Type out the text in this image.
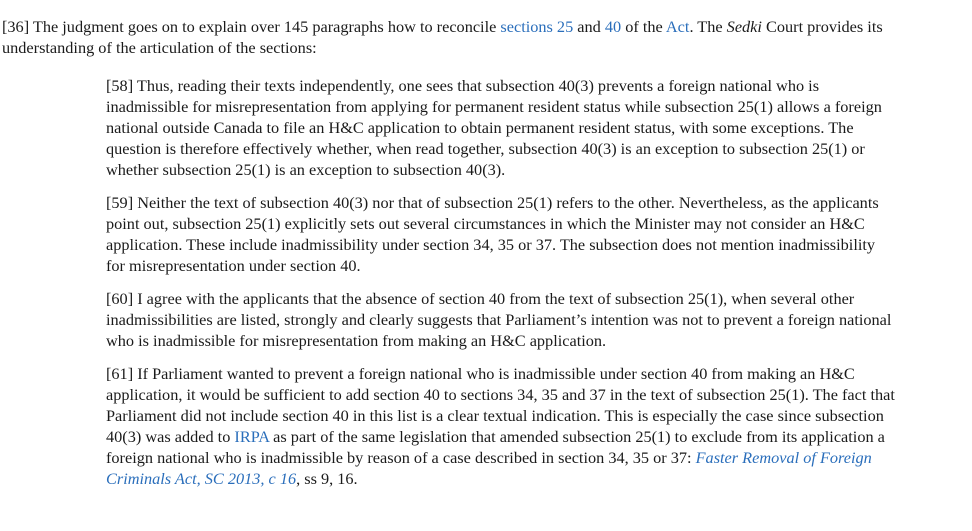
[36] The judgment goes on to explain over 145 paragraphs how to reconcile sections 25 and 40 of the Act. The Sedki Court provides its understanding of the articulation of the sections:

[58] Thus, reading their texts independently, one sees that subsection 40(3) prevents a foreign national who is inadmissible for misrepresentation from applying for permanent resident status while subsection 25(1) allows a foreign national outside Canada to file an H&C application to obtain permanent resident status, with some exceptions. The question is therefore effectively whether, when read together, subsection 40(3) is an exception to subsection 25(1) or whether subsection 25(1) is an exception to subsection 40(3).

[59] Neither the text of subsection 40(3) nor that of subsection 25(1) refers to the other. Nevertheless, as the applicants point out, subsection 25(1) explicitly sets out several circumstances in which the Minister may not consider an H&C application. These include inadmissibility under section 34, 35 or 37. The subsection does not mention inadmissibility for misrepresentation under section 40.

[60] I agree with the applicants that the absence of section 40 from the text of subsection 25(1), when several other inadmissibilities are listed, strongly and clearly suggests that Parliament’s intention was not to prevent a foreign national who is inadmissible for misrepresentation from making an H&C application.

[61] If Parliament wanted to prevent a foreign national who is inadmissible under section 40 from making an H&C application, it would be sufficient to add section 40 to sections 34, 35 and 37 in the text of subsection 25(1). The fact that Parliament did not include section 40 in this list is a clear textual indication. This is especially the case since subsection 40(3) was added to IRPA as part of the same legislation that amended subsection 25(1) to exclude from its application a foreign national who is inadmissible by reason of a case described in section 34, 35 or 37: Faster Removal of Foreign Criminals Act, SC 2013, c 16, ss 9, 16.
